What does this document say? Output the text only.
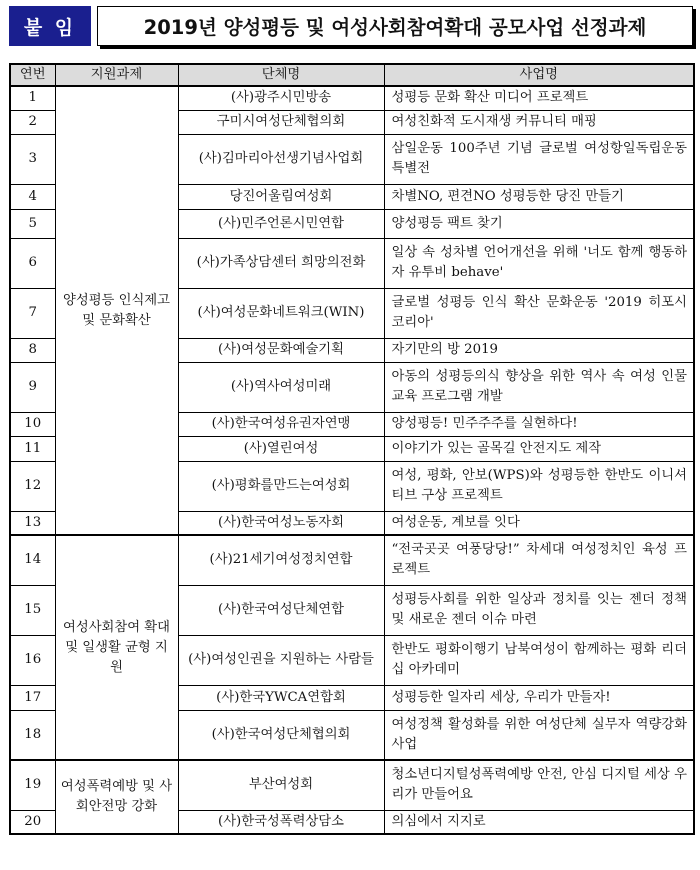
붙 임	2019년 양성평등 및 여성사회참여확대 공모사업 선정과제
연번	지원과제	단체명	사업명
1	양성평등 인식제고 및 문화확산	(사)광주시민방송	성평등 문화 확산 미디어 프로젝트
2		구미시여성단체협의회	여성친화적 도시재생 커뮤니티 매핑
3		(사)김마리아선생기념사업회	삼일운동 100주년 기념 글로벌 여성항일독립운동 특별전
4		당진어울림여성회	차별NO, 편견NO 성평등한 당진 만들기
5		(사)민주언론시민연합	양성평등 팩트 찾기
6		(사)가족상담센터 희망의전화	일상 속 성차별 언어개선을 위해 '너도 함께 행동하자 유투비 behave'
7		(사)여성문화네트워크(WIN)	글로벌 성평등 인식 확산 문화운동 '2019 히포시 코리아'
8		(사)여성문화예술기획	자기만의 방 2019
9		(사)역사여성미래	아동의 성평등의식 향상을 위한 역사 속 여성 인물교육 프로그램 개발
10		(사)한국여성유권자연맹	양성평등! 민주주주를 실현하다!
11		(사)열린여성	이야기가 있는 골목길 안전지도 제작
12		(사)평화를만드는여성회	여성, 평화, 안보(WPS)와 성평등한 한반도 이니셔티브 구상 프로젝트
13		(사)한국여성노동자회	여성운동, 계보를 잇다
14	여성사회참여 확대 및 일생활 균형 지원	(사)21세기여성정치연합	“전국곳곳 여풍당당!” 차세대 여성정치인 육성 프로젝트
15		(사)한국여성단체연합	성평등사회를 위한 일상과 정치를 잇는 젠더 정책 및 새로운 젠더 이슈 마련
16		(사)여성인권을 지원하는 사람들	한반도 평화이행기 남북여성이 함께하는 평화 리더십 아카데미
17		(사)한국YWCA연합회	성평등한 일자리 세상, 우리가 만들자!
18		(사)한국여성단체협의회	여성정책 활성화를 위한 여성단체 실무자 역량강화 사업
19	여성폭력예방 및 사회안전망 강화	부산여성회	청소년디지털성폭력예방 안전, 안심 디지털 세상 우리가 만들어요
20		(사)한국성폭력상담소	의심에서 지지로
